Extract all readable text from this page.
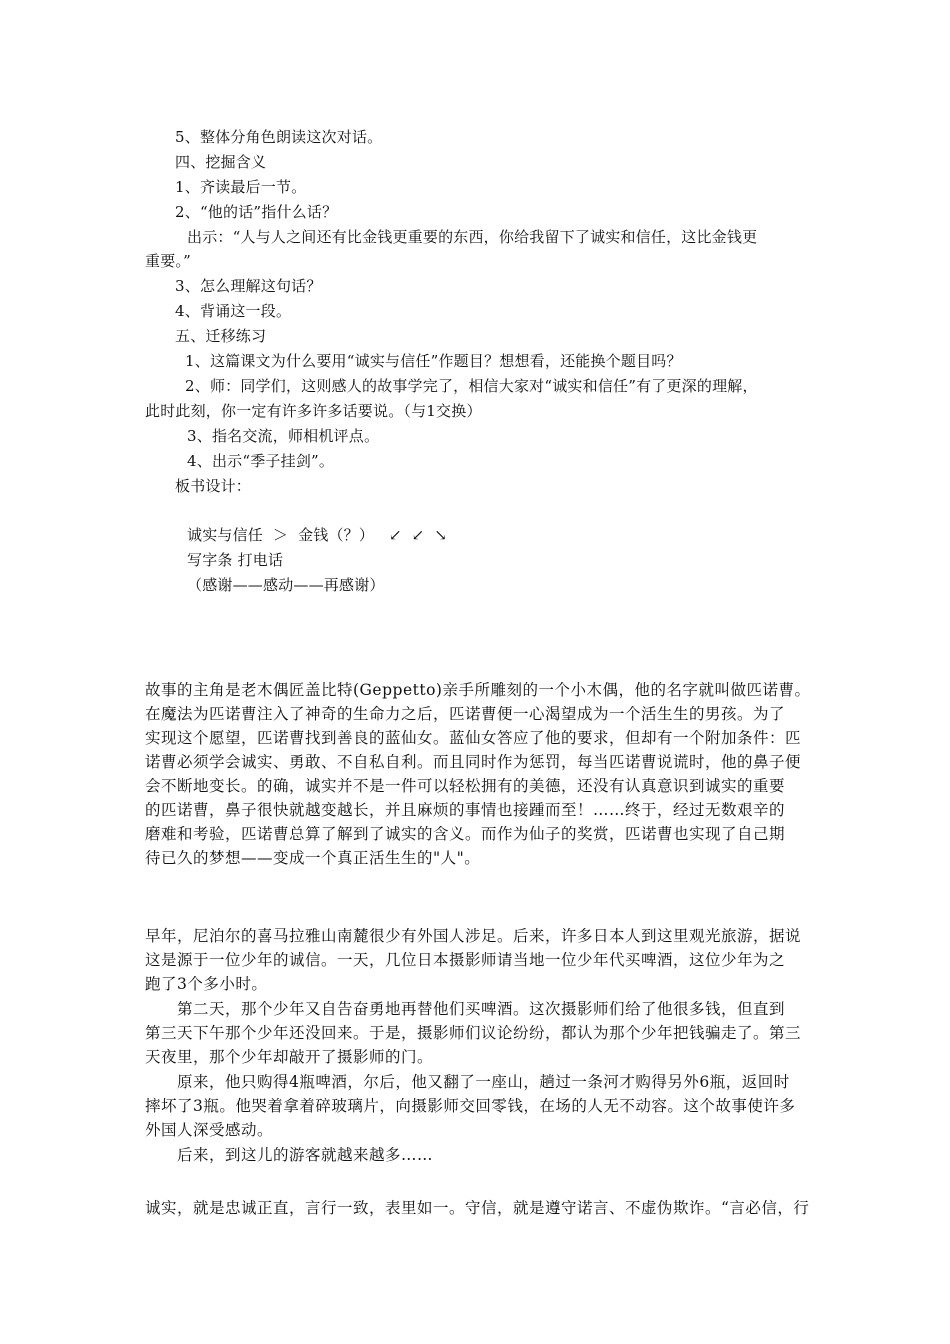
5、整体分角色朗读这次对话。
四、挖掘含义
1、齐读最后一节。
2、“他的话”指什么话？
出示：“人与人之间还有比金钱更重要的东西，你给我留下了诚实和信任，这比金钱更
重要。”
3、怎么理解这句话？
4、背诵这一段。
五、迁移练习
1、这篇课文为什么要用“诚实与信任”作题目？想想看，还能换个题目吗？
2、师：同学们，这则感人的故事学完了，相信大家对“诚实和信任”有了更深的理解，
此时此刻，你一定有许多许多话要说。（与1交换）
3、指名交流，师相机评点。
4、出示“季子挂剑”。
板书设计：
诚实与信任  ＞  金钱（？）   ↙  ↙  ↘
写字条 打电话
（感谢——感动——再感谢）
故事的主角是老木偶匠盖比特(Geppetto)亲手所雕刻的一个小木偶，他的名字就叫做匹诺曹。
在魔法为匹诺曹注入了神奇的生命力之后，匹诺曹便一心渴望成为一个活生生的男孩。为了
实现这个愿望，匹诺曹找到善良的蓝仙女。蓝仙女答应了他的要求，但却有一个附加条件：匹
诺曹必须学会诚实、勇敢、不自私自利。而且同时作为惩罚，每当匹诺曹说谎时，他的鼻子便
会不断地变长。的确，诚实并不是一件可以轻松拥有的美德，还没有认真意识到诚实的重要
的匹诺曹，鼻子很快就越变越长，并且麻烦的事情也接踵而至！……终于，经过无数艰辛的
磨难和考验，匹诺曹总算了解到了诚实的含义。而作为仙子的奖赏，匹诺曹也实现了自己期
待已久的梦想——变成一个真正活生生的"人"。
早年，尼泊尔的喜马拉雅山南麓很少有外国人涉足。后来，许多日本人到这里观光旅游，据说
这是源于一位少年的诚信。一天，几位日本摄影师请当地一位少年代买啤酒，这位少年为之
跑了3个多小时。
第二天，那个少年又自告奋勇地再替他们买啤酒。这次摄影师们给了他很多钱，但直到
第三天下午那个少年还没回来。于是，摄影师们议论纷纷，都认为那个少年把钱骗走了。第三
天夜里，那个少年却敲开了摄影师的门。
原来，他只购得4瓶啤酒，尔后，他又翻了一座山，趟过一条河才购得另外6瓶，返回时
摔坏了3瓶。他哭着拿着碎玻璃片，向摄影师交回零钱，在场的人无不动容。这个故事使许多
外国人深受感动。
后来，到这儿的游客就越来越多……
诚实，就是忠诚正直，言行一致，表里如一。守信，就是遵守诺言、不虚伪欺诈。“言必信，行
